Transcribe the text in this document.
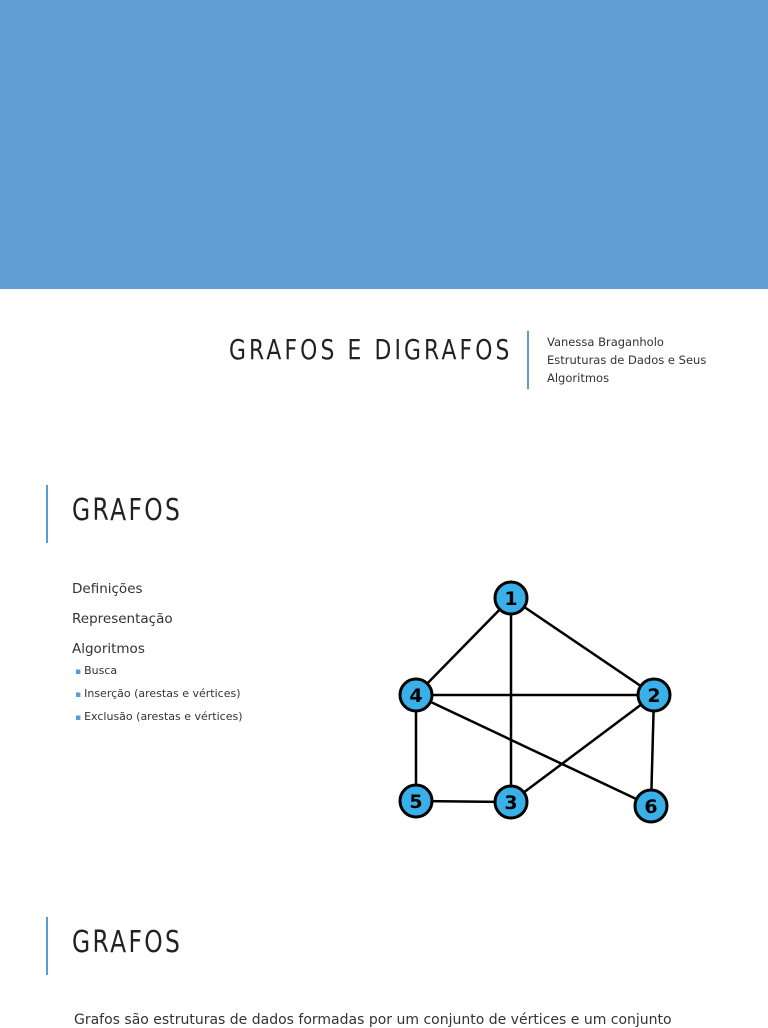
GRAFOS E DIGRAFOS	Vanessa Braganholo
Estruturas de Dados e Seus
Algoritmos
GRAFOS
Definições
Representação
Algoritmos
▪ Busca
▪ Inserção (arestas e vértices)
▪ Exclusão (arestas e vértices)
1
2
3
4
5	6
GRAFOS
Grafos são estruturas de dados formadas por um conjunto de vértices e um conjunto
